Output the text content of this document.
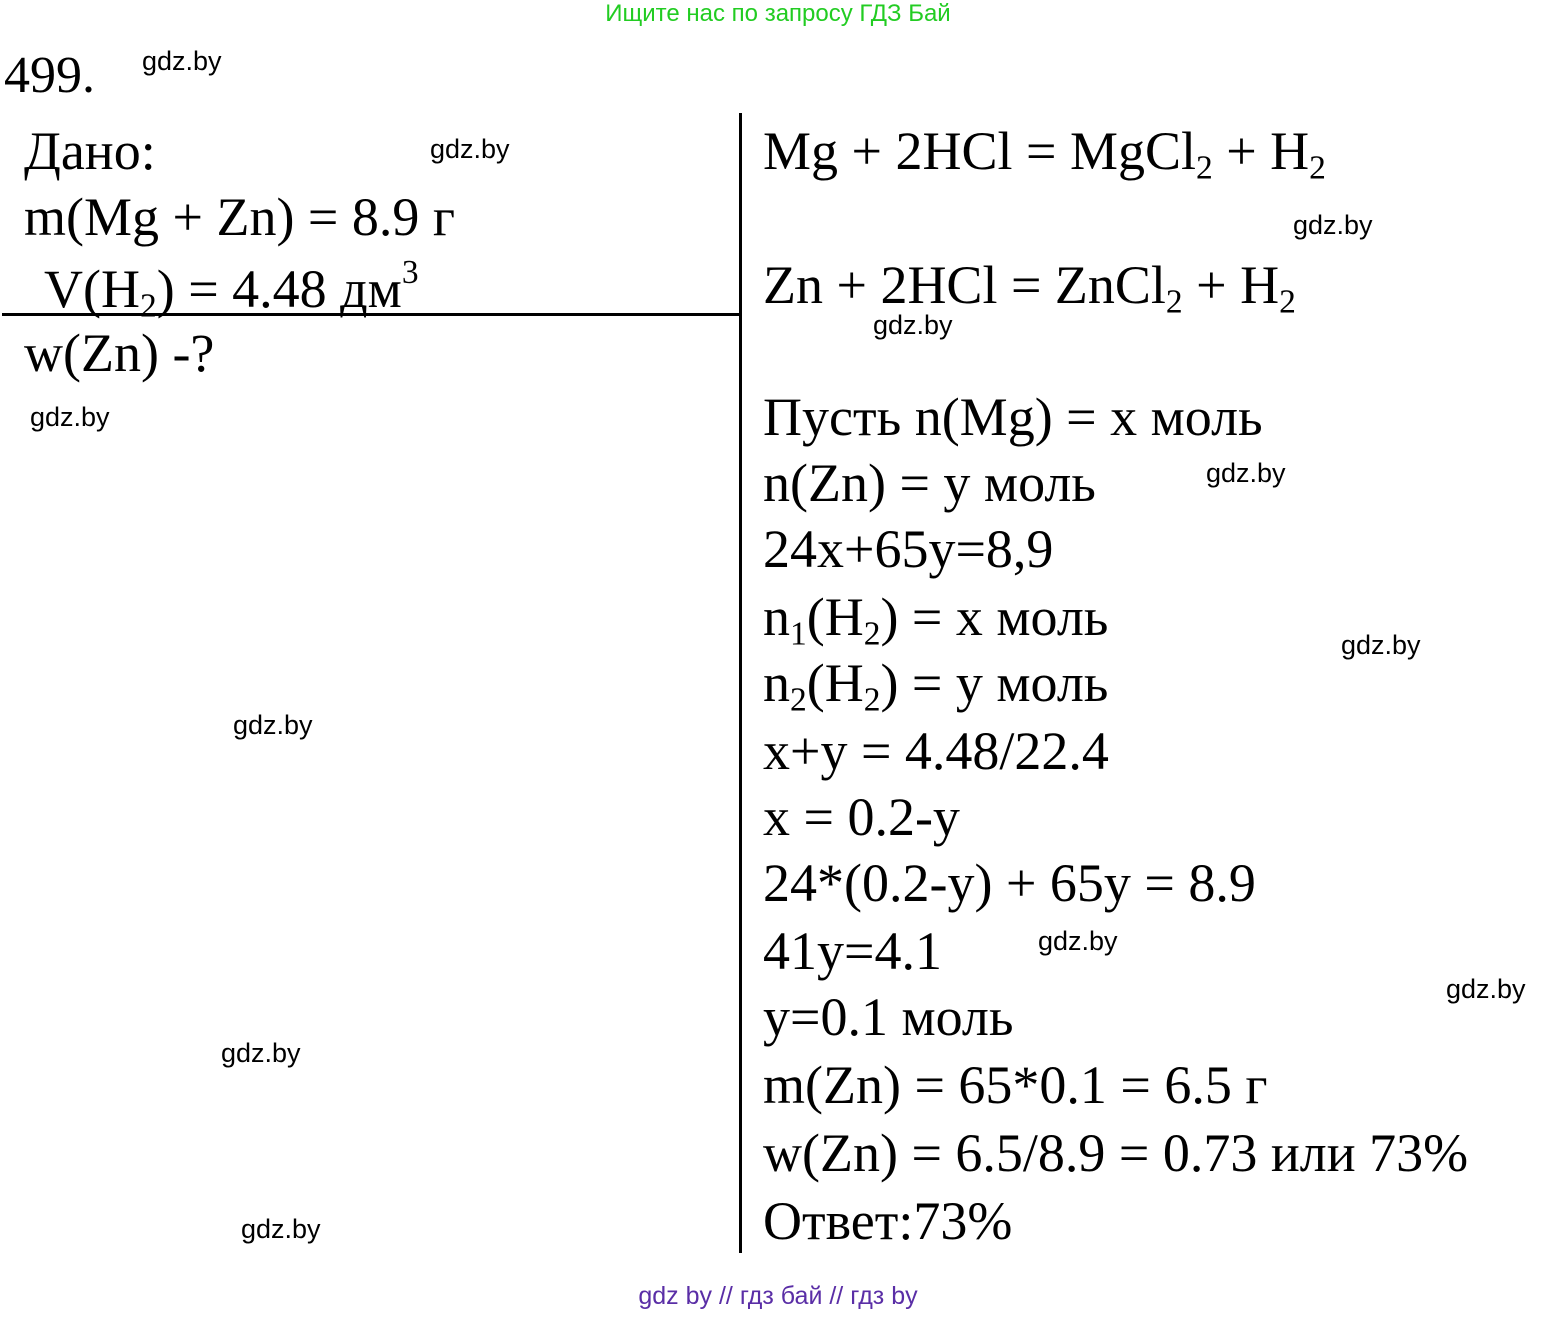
Ищите нас по запросу ГДЗ Бай
499. gdz.by
gdz.by
gdz.by
gdz.by
gdz.by
gdz.by
gdz.by
gdz.by
gdz.by
gdz.by
gdz.by
gdz.by
Дано:
m(Mg + Zn) = 8.9 г
$V(H_2) = 4.48$ $дм^3$
w(Zn) -?
Mg + 2HCl = MgCl$_2$ + $H_2$
Zn + 2HCl = ZnCl$_2$ + $H_2$
Пусть n(Mg) = x моль
n(Zn) = y моль
24x+65y=8,9
$n_1(H_2) = x$ моль
$n_2(H_2) = y$ моль
x+y = 4.48/22.4
x = 0.2-y
24*(0.2-y) + 65y = 8.9
41y=4.1
y=0.1 моль
m(Zn) = 65*0.1 = 6.5 г
w(Zn) = 6.5/8.9 = 0.73 или 73%
Ответ:73%
gdz by // гдз бай // гдз by
